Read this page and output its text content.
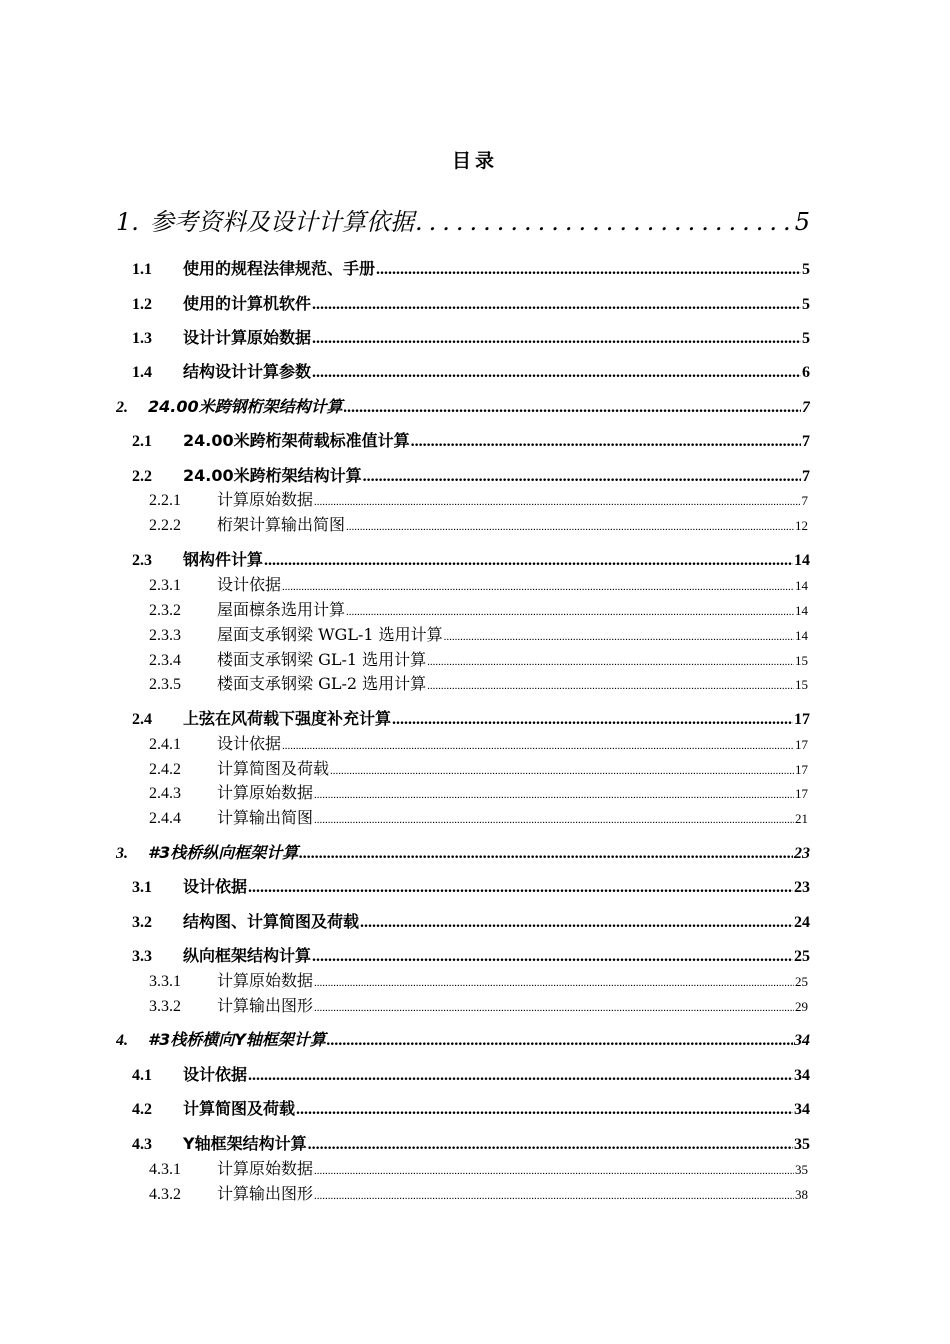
目录
1. 参考资料及设计计算依据 .....	5
1.1	使用的规程法律规范、手册 .....	5
1.2	使用的计算机软件 .....	5
1.3	设计计算原始数据 .....	5
1.4	结构设计计算参数 .....	6
2.	24.00米跨钢桁架结构计算 .....	7
2.1	24.00米跨桁架荷载标准值计算 .....	7
2.2	24.00米跨桁架结构计算 .....	7
2.2.1	计算原始数据 .....	7
2.2.2	桁架计算输出简图 .....	12
2.3	钢构件计算 .....	14
2.3.1	设计依据 .....	14
2.3.2	屋面檩条选用计算 .....	14
2.3.3	屋面支承钢梁 WGL-1 选用计算 .....	14
2.3.4	楼面支承钢梁 GL-1 选用计算 .....	15
2.3.5	楼面支承钢梁 GL-2 选用计算 .....	15
2.4	上弦在风荷载下强度补充计算 .....	17
2.4.1	设计依据 .....	17
2.4.2	计算简图及荷载 .....	17
2.4.3	计算原始数据 .....	17
2.4.4	计算输出简图 .....	21
3.	#3栈桥纵向框架计算 .....	23
3.1	设计依据 .....	23
3.2	结构图、计算简图及荷载 .....	24
3.3	纵向框架结构计算 .....	25
3.3.1	计算原始数据 .....	25
3.3.2	计算输出图形 .....	29
4.	#3栈桥横向Y轴框架计算 .....	34
4.1	设计依据 .....	34
4.2	计算简图及荷载 .....	34
4.3	Y轴框架结构计算 .....	35
4.3.1	计算原始数据 .....	35
4.3.2	计算输出图形 .....	38
